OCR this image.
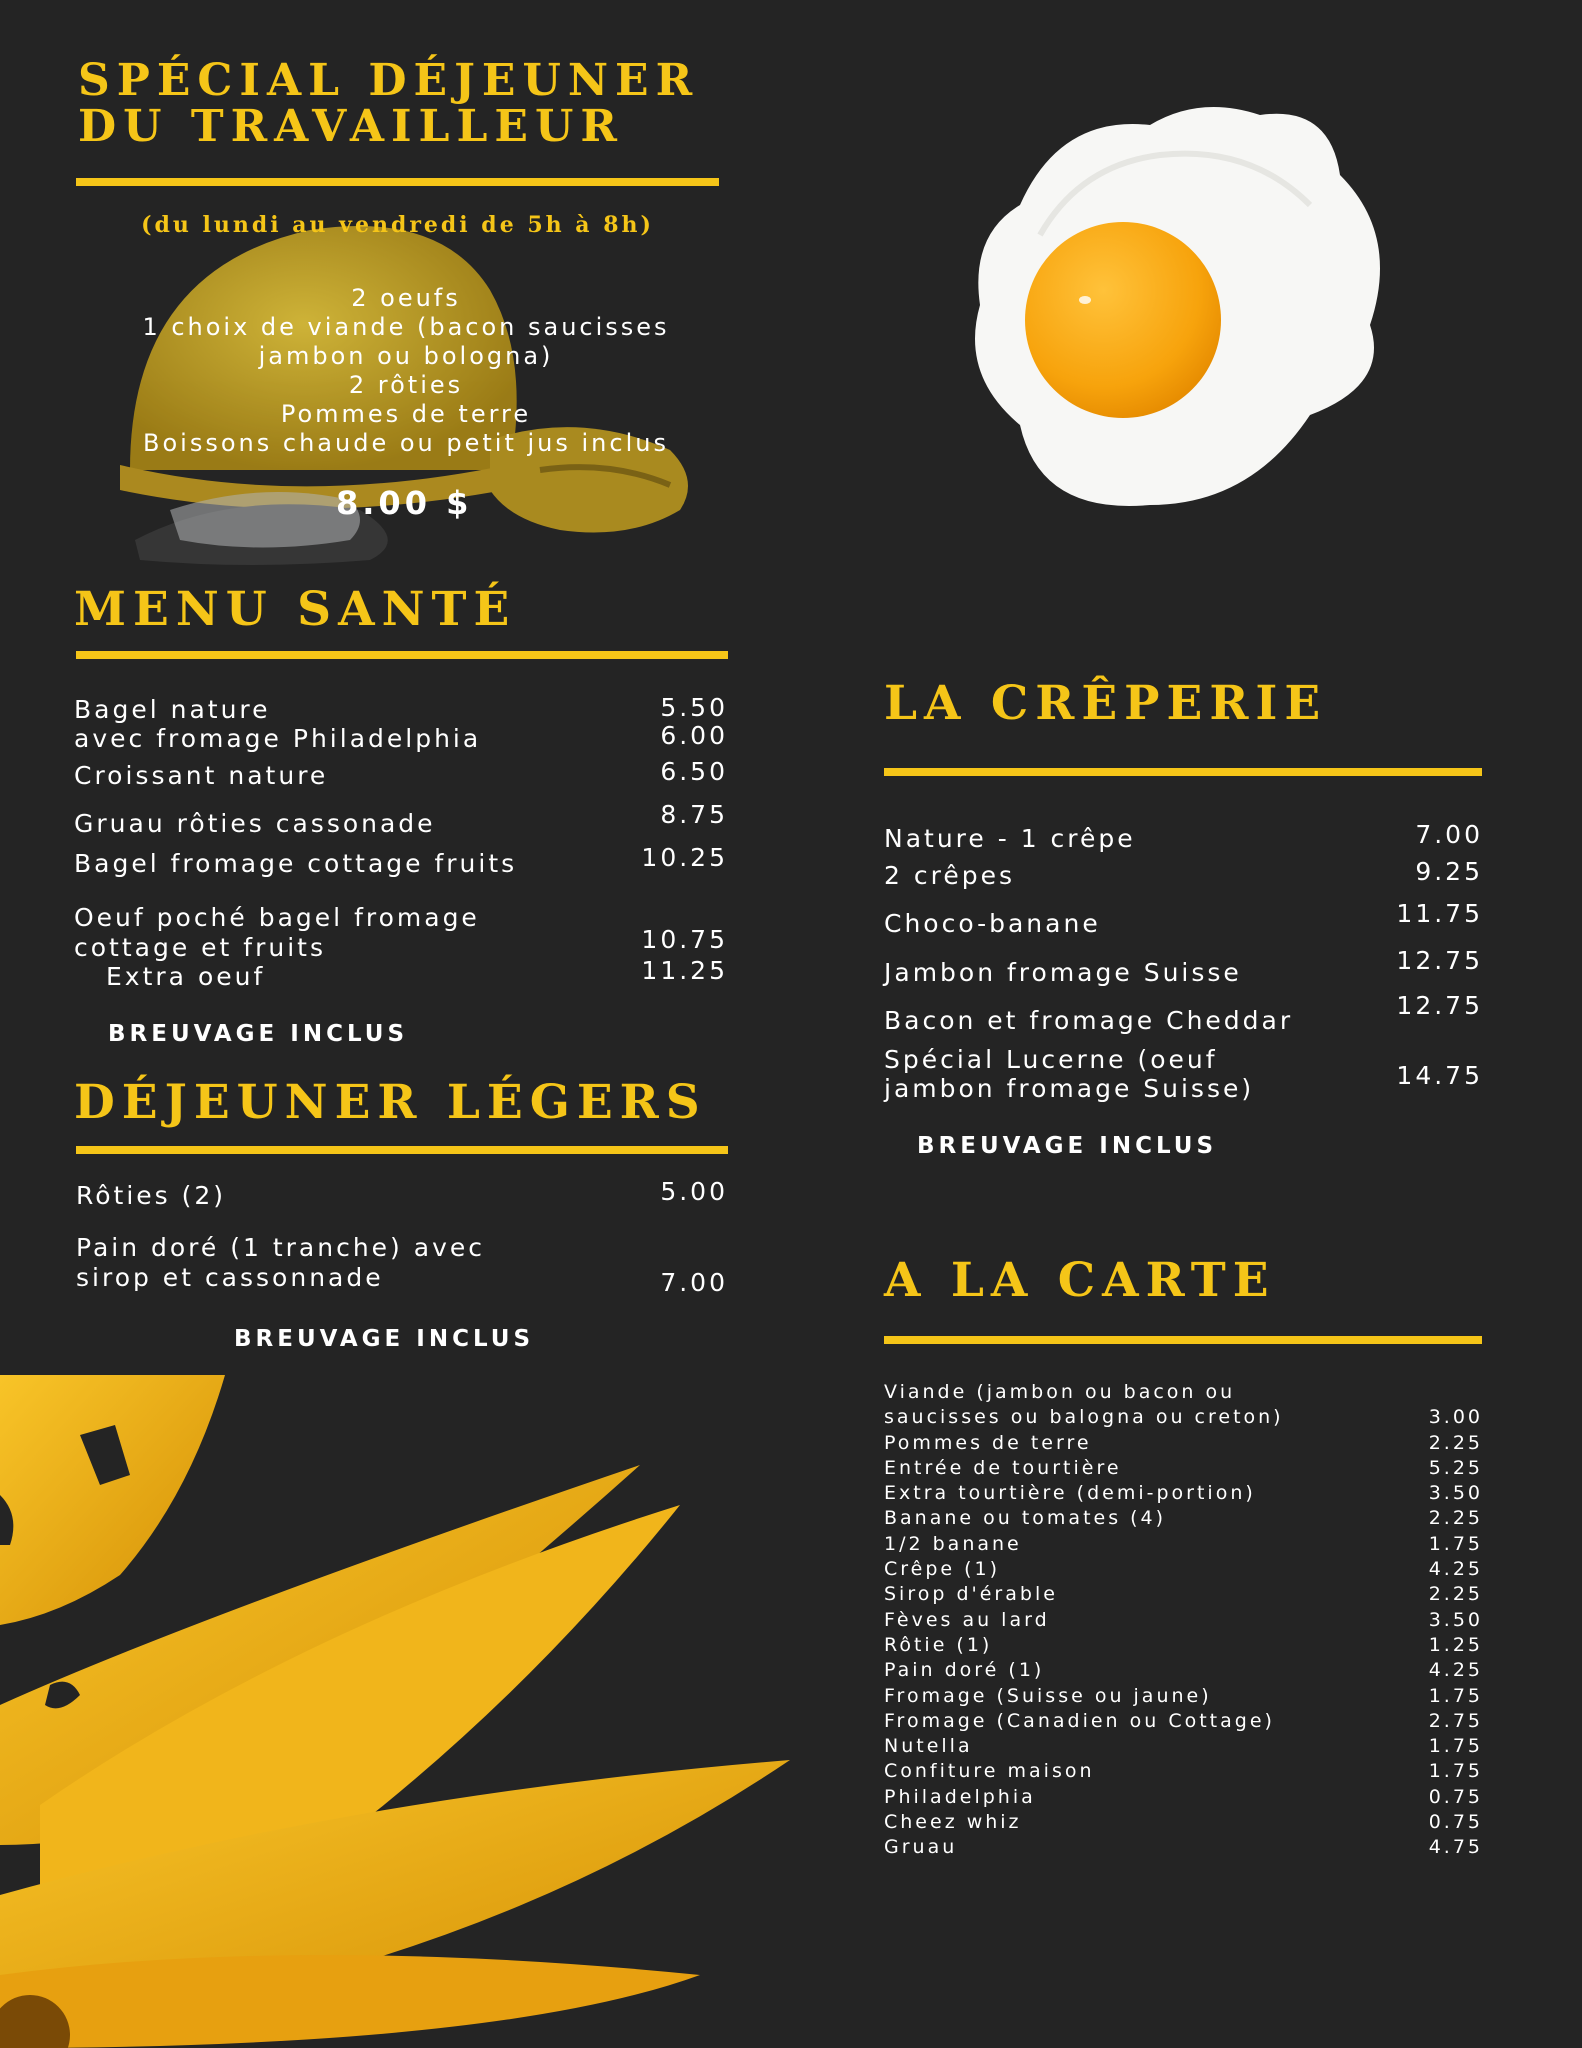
SPÉCIAL DÉJEUNER
DU TRAVAILLEUR
(du lundi au vendredi de 5h à 8h)
2 oeufs
1 choix de viande (bacon saucisses
jambon ou bologna)
2 rôties
Pommes de terre
Boissons chaude ou petit jus inclus
8.00 $
MENU SANTÉ
Bagel nature
avec fromage Philadelphia
Croissant nature
Gruau rôties cassonade
Bagel fromage cottage fruits
Oeuf poché bagel fromage
cottage et fruits
Extra oeuf
5.50
6.00
6.50
8.75
10.25
10.75
11.25
BREUVAGE INCLUS
DÉJEUNER LÉGERS
Rôties (2)
Pain doré (1 tranche) avec
sirop et cassonnade
5.00
7.00
BREUVAGE INCLUS
LA CRÊPERIE
Nature - 1 crêpe
2 crêpes
Choco-banane
Jambon fromage Suisse
Bacon et fromage Cheddar
Spécial Lucerne (oeuf
jambon fromage Suisse)
7.00
9.25
11.75
12.75
12.75
14.75
BREUVAGE INCLUS
A LA CARTE
Viande (jambon ou bacon ou
saucisses ou balogna ou creton)
Pommes de terre
Entrée de tourtière
Extra tourtière (demi-portion)
Banane ou tomates (4)
1/2 banane
Crêpe (1)
Sirop d'érable
Fèves au lard
Rôtie (1)
Pain doré (1)
Fromage (Suisse ou jaune)
Fromage (Canadien ou Cottage)
Nutella
Confiture maison
Philadelphia
Cheez whiz
Gruau
3.00
2.25
5.25
3.50
2.25
1.75
4.25
2.25
3.50
1.25
4.25
1.75
2.75
1.75
1.75
0.75
0.75
4.75
